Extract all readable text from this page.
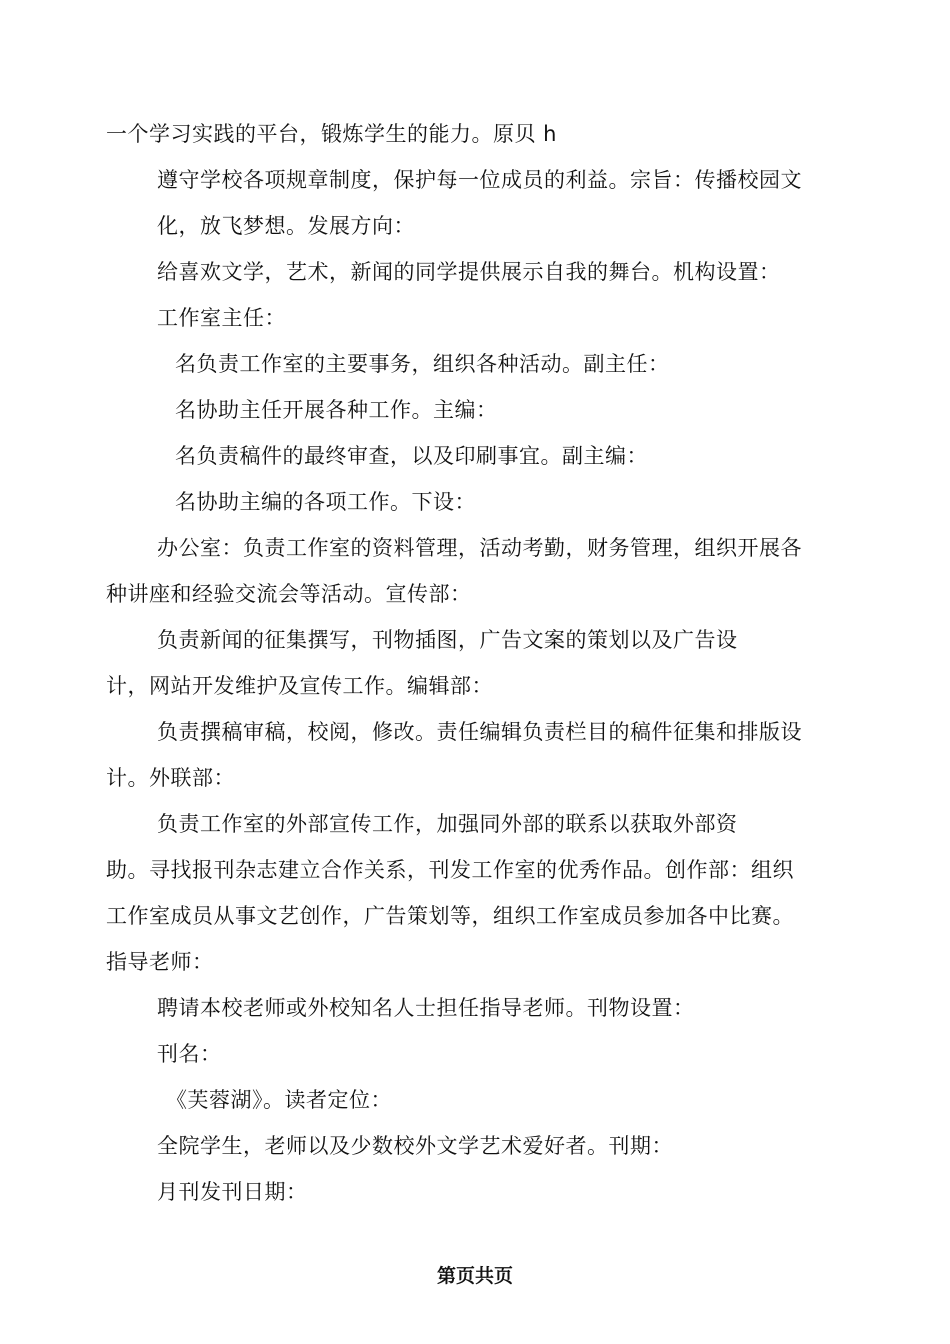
一个学习实践的平台，锻炼学生的能力。原贝 h
遵守学校各项规章制度，保护每一位成员的利益。宗旨：传播校园文
化，放飞梦想。发展方向：
给喜欢文学，艺术，新闻的同学提供展示自我的舞台。机构设置：
工作室主任：
名负责工作室的主要事务，组织各种活动。副主任：
名协助主任开展各种工作。主编：
名负责稿件的最终审查，以及印刷事宜。副主编：
名协助主编的各项工作。下设：
办公室：负责工作室的资料管理，活动考勤，财务管理，组织开展各
种讲座和经验交流会等活动。宣传部：
负责新闻的征集撰写，刊物插图，广告文案的策划以及广告设
计，网站开发维护及宣传工作。编辑部：
负责撰稿审稿，校阅，修改。责任编辑负责栏目的稿件征集和排版设
计。外联部：
负责工作室的外部宣传工作，加强同外部的联系以获取外部资
助。寻找报刊杂志建立合作关系，刊发工作室的优秀作品。创作部：组织
工作室成员从事文艺创作，广告策划等，组织工作室成员参加各中比赛。
指导老师：
聘请本校老师或外校知名人士担任指导老师。刊物设置：
刊名：
《芙蓉湖》。读者定位：
全院学生，老师以及少数校外文学艺术爱好者。刊期：
月刊发刊日期：
第页共页
